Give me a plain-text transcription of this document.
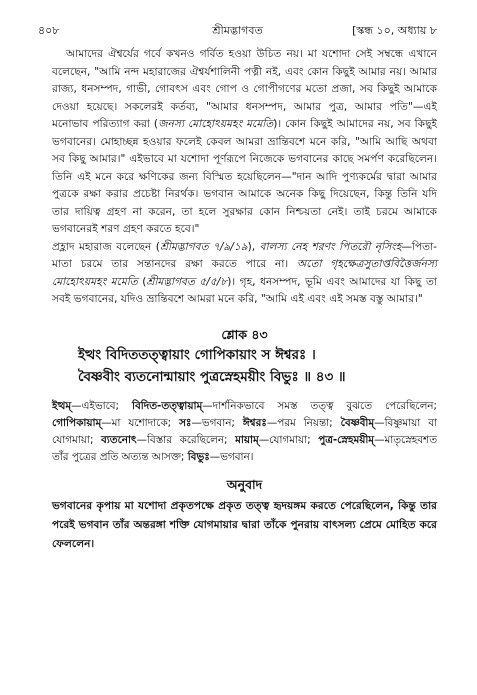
৪০৮	শ্রীমদ্ভাগবত	[স্কন্ধ ১০, অধ্যায় ৮

আমাদের ঐশ্বর্যের গর্বে কখনও গর্বিত হওয়া উচিত নয়। মা যশোদা সেই সম্বন্ধে এখানে বলেছেন, "আমি নন্দ মহারাজের ঐশ্বর্যশালিনী পত্নী নই, এবং কোন কিছুই আমার নয়। আমার রাজ্য, ধনসম্পদ, গাভী, গোবৎস এবং গোপ ও গোপীগণের মতো প্রজা, সব কিছুই আমাকে দেওয়া হয়েছে। সকলেরই কর্তব্য, "আমার ধনসম্পদ, আমার পুত্র, আমার পতি"—এই মনোভাব পরিত্যাগ করা (জনস্য মোহোঽয়মহং মমেতি)। কোন কিছুই আমাদের নয়, সব কিছুই ভগবানের। মোহাচ্ছন্ন হওয়ার ফলেই কেবল আমরা ভ্রান্তিবশে মনে করি, "আমি আছি অথবা সব কিছু আমার।" এইভাবে মা যশোদা পূর্ণরূপে নিজেকে ভগবানের কাছে সমর্পণ করেছিলেন। তিনি এই মনে করে ক্ষণিকের জন্য বিস্মিত হয়েছিলেন—"দান আদি পুণ্যকর্মের দ্বারা আমার পুত্রকে রক্ষা করার প্রচেষ্টা নিরর্থক। ভগবান আমাকে অনেক কিছু দিয়েছেন, কিন্তু তিনি যদি তার দায়িত্ব গ্রহণ না করেন, তা হলে সুরক্ষার কোন নিশ্চয়তা নেই। তাই চরমে আমাকে ভগবানেরই শরণ গ্রহণ করতে হবে।"

প্রহ্লাদ মহারাজ বলেছেন (শ্রীমদ্ভাগবত ৭/৯/১৯), বালস্য নেহ শরণং পিতরৌ নৃসিংহ—পিতা-মাতা চরমে তার সন্তানদের রক্ষা করতে পারে না। অতো গৃহক্ষেত্রসুতাপ্তবিত্তৈর্জনস্য মোহোঽয়মহং মমেতি (শ্রীমদ্ভাগবত ৫/৫/৮)। গৃহ, ধনসম্পদ, ভূমি এবং আমাদের যা কিছু তা সবই ভগবানের, যদিও ভ্রান্তিবশে আমরা মনে করি, "আমি এই এবং এই সমস্ত বস্তু আমার।"

শ্লোক ৪৩
ইত্থং বিদিততত্ত্বায়াং গোপিকায়াং স ঈশ্বরঃ ।
বৈষ্ণবীং ব্যতনোন্মায়াং পুত্রস্নেহময়ীং বিভুঃ ॥ ৪৩ ॥
ইত্থম্—এইভাবে; বিদিত-তত্ত্বায়াম্—দার্শনিকভাবে সমস্ত তত্ত্ব বুঝতে পেরেছিলেন; গোপিকায়াম্—মা যশোদাকে; সঃ—ভগবান; ঈশ্বরঃ—পরম নিয়ন্তা; বৈষ্ণবীম্—বিষ্ণুমায়া বা যোগমায়া; ব্যতনোৎ—বিস্তার করেছিলেন; মায়াম্—যোগমায়া; পুত্র-স্নেহময়ীম্—মাতৃস্নেহবশত তাঁর পুত্রের প্রতি অত্যন্ত আসক্ত; বিভুঃ—ভগবান।
অনুবাদ
ভগবানের কৃপায় মা যশোদা প্রকৃতপক্ষে প্রকৃত তত্ত্ব হৃদয়ঙ্গম করতে পেরেছিলেন, কিন্তু তার পরেই ভগবান তাঁর অন্তরঙ্গা শক্তি যোগমায়ার দ্বারা তাঁকে পুনরায় বাৎসল্য প্রেমে মোহিত করে ফেললেন।
